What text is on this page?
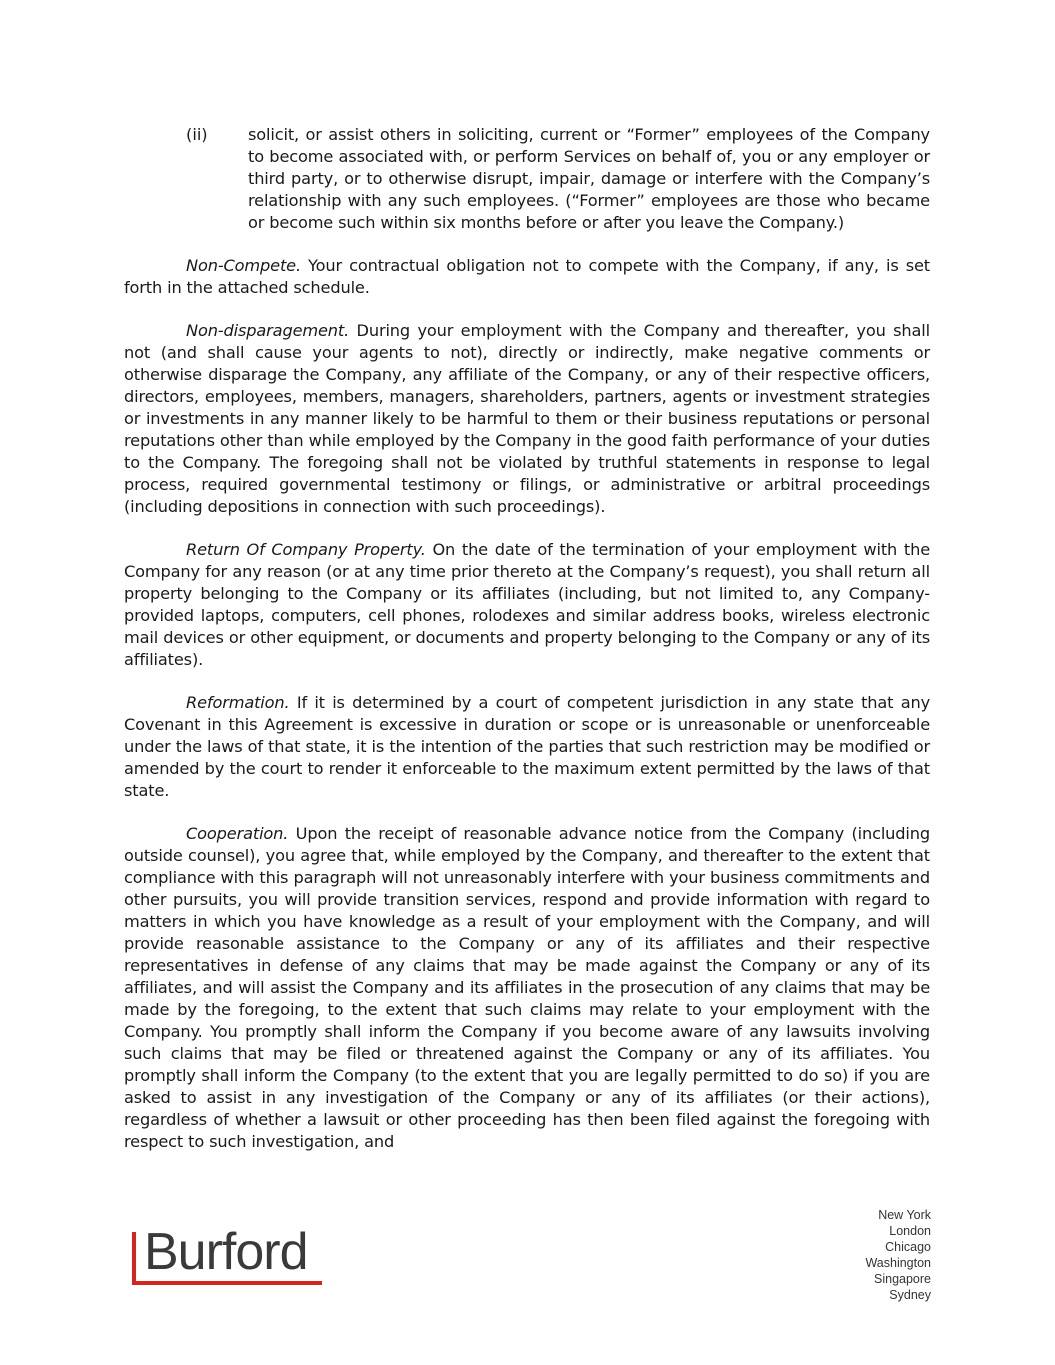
(ii) solicit, or assist others in soliciting, current or “Former” employees of the Company to become associated with, or perform Services on behalf of, you or any employer or third party, or to otherwise disrupt, impair, damage or interfere with the Company’s relationship with any such employees. (“Former” employees are those who became or become such within six months before or after you leave the Company.)

Non-Compete. Your contractual obligation not to compete with the Company, if any, is set forth in the attached schedule.

Non-disparagement. During your employment with the Company and thereafter, you shall not (and shall cause your agents to not), directly or indirectly, make negative comments or otherwise disparage the Company, any affiliate of the Company, or any of their respective officers, directors, employees, members, managers, shareholders, partners, agents or investment strategies or investments in any manner likely to be harmful to them or their business reputations or personal reputations other than while employed by the Company in the good faith performance of your duties to the Company. The foregoing shall not be violated by truthful statements in response to legal process, required governmental testimony or filings, or administrative or arbitral proceedings (including depositions in connection with such proceedings).

Return Of Company Property. On the date of the termination of your employment with the Company for any reason (or at any time prior thereto at the Company’s request), you shall return all property belonging to the Company or its affiliates (including, but not limited to, any Company-provided laptops, computers, cell phones, rolodexes and similar address books, wireless electronic mail devices or other equipment, or documents and property belonging to the Company or any of its affiliates).

Reformation. If it is determined by a court of competent jurisdiction in any state that any Covenant in this Agreement is excessive in duration or scope or is unreasonable or unenforceable under the laws of that state, it is the intention of the parties that such restriction may be modified or amended by the court to render it enforceable to the maximum extent permitted by the laws of that state.

Cooperation. Upon the receipt of reasonable advance notice from the Company (including outside counsel), you agree that, while employed by the Company, and thereafter to the extent that compliance with this paragraph will not unreasonably interfere with your business commitments and other pursuits, you will provide transition services, respond and provide information with regard to matters in which you have knowledge as a result of your employment with the Company, and will provide reasonable assistance to the Company or any of its affiliates and their respective representatives in defense of any claims that may be made against the Company or any of its affiliates, and will assist the Company and its affiliates in the prosecution of any claims that may be made by the foregoing, to the extent that such claims may relate to your employment with the Company. You promptly shall inform the Company if you become aware of any lawsuits involving such claims that may be filed or threatened against the Company or any of its affiliates. You promptly shall inform the Company (to the extent that you are legally permitted to do so) if you are asked to assist in any investigation of the Company or any of its affiliates (or their actions), regardless of whether a lawsuit or other proceeding has then been filed against the foregoing with respect to such investigation, and

Burford
New York
London
Chicago
Washington
Singapore
Sydney
